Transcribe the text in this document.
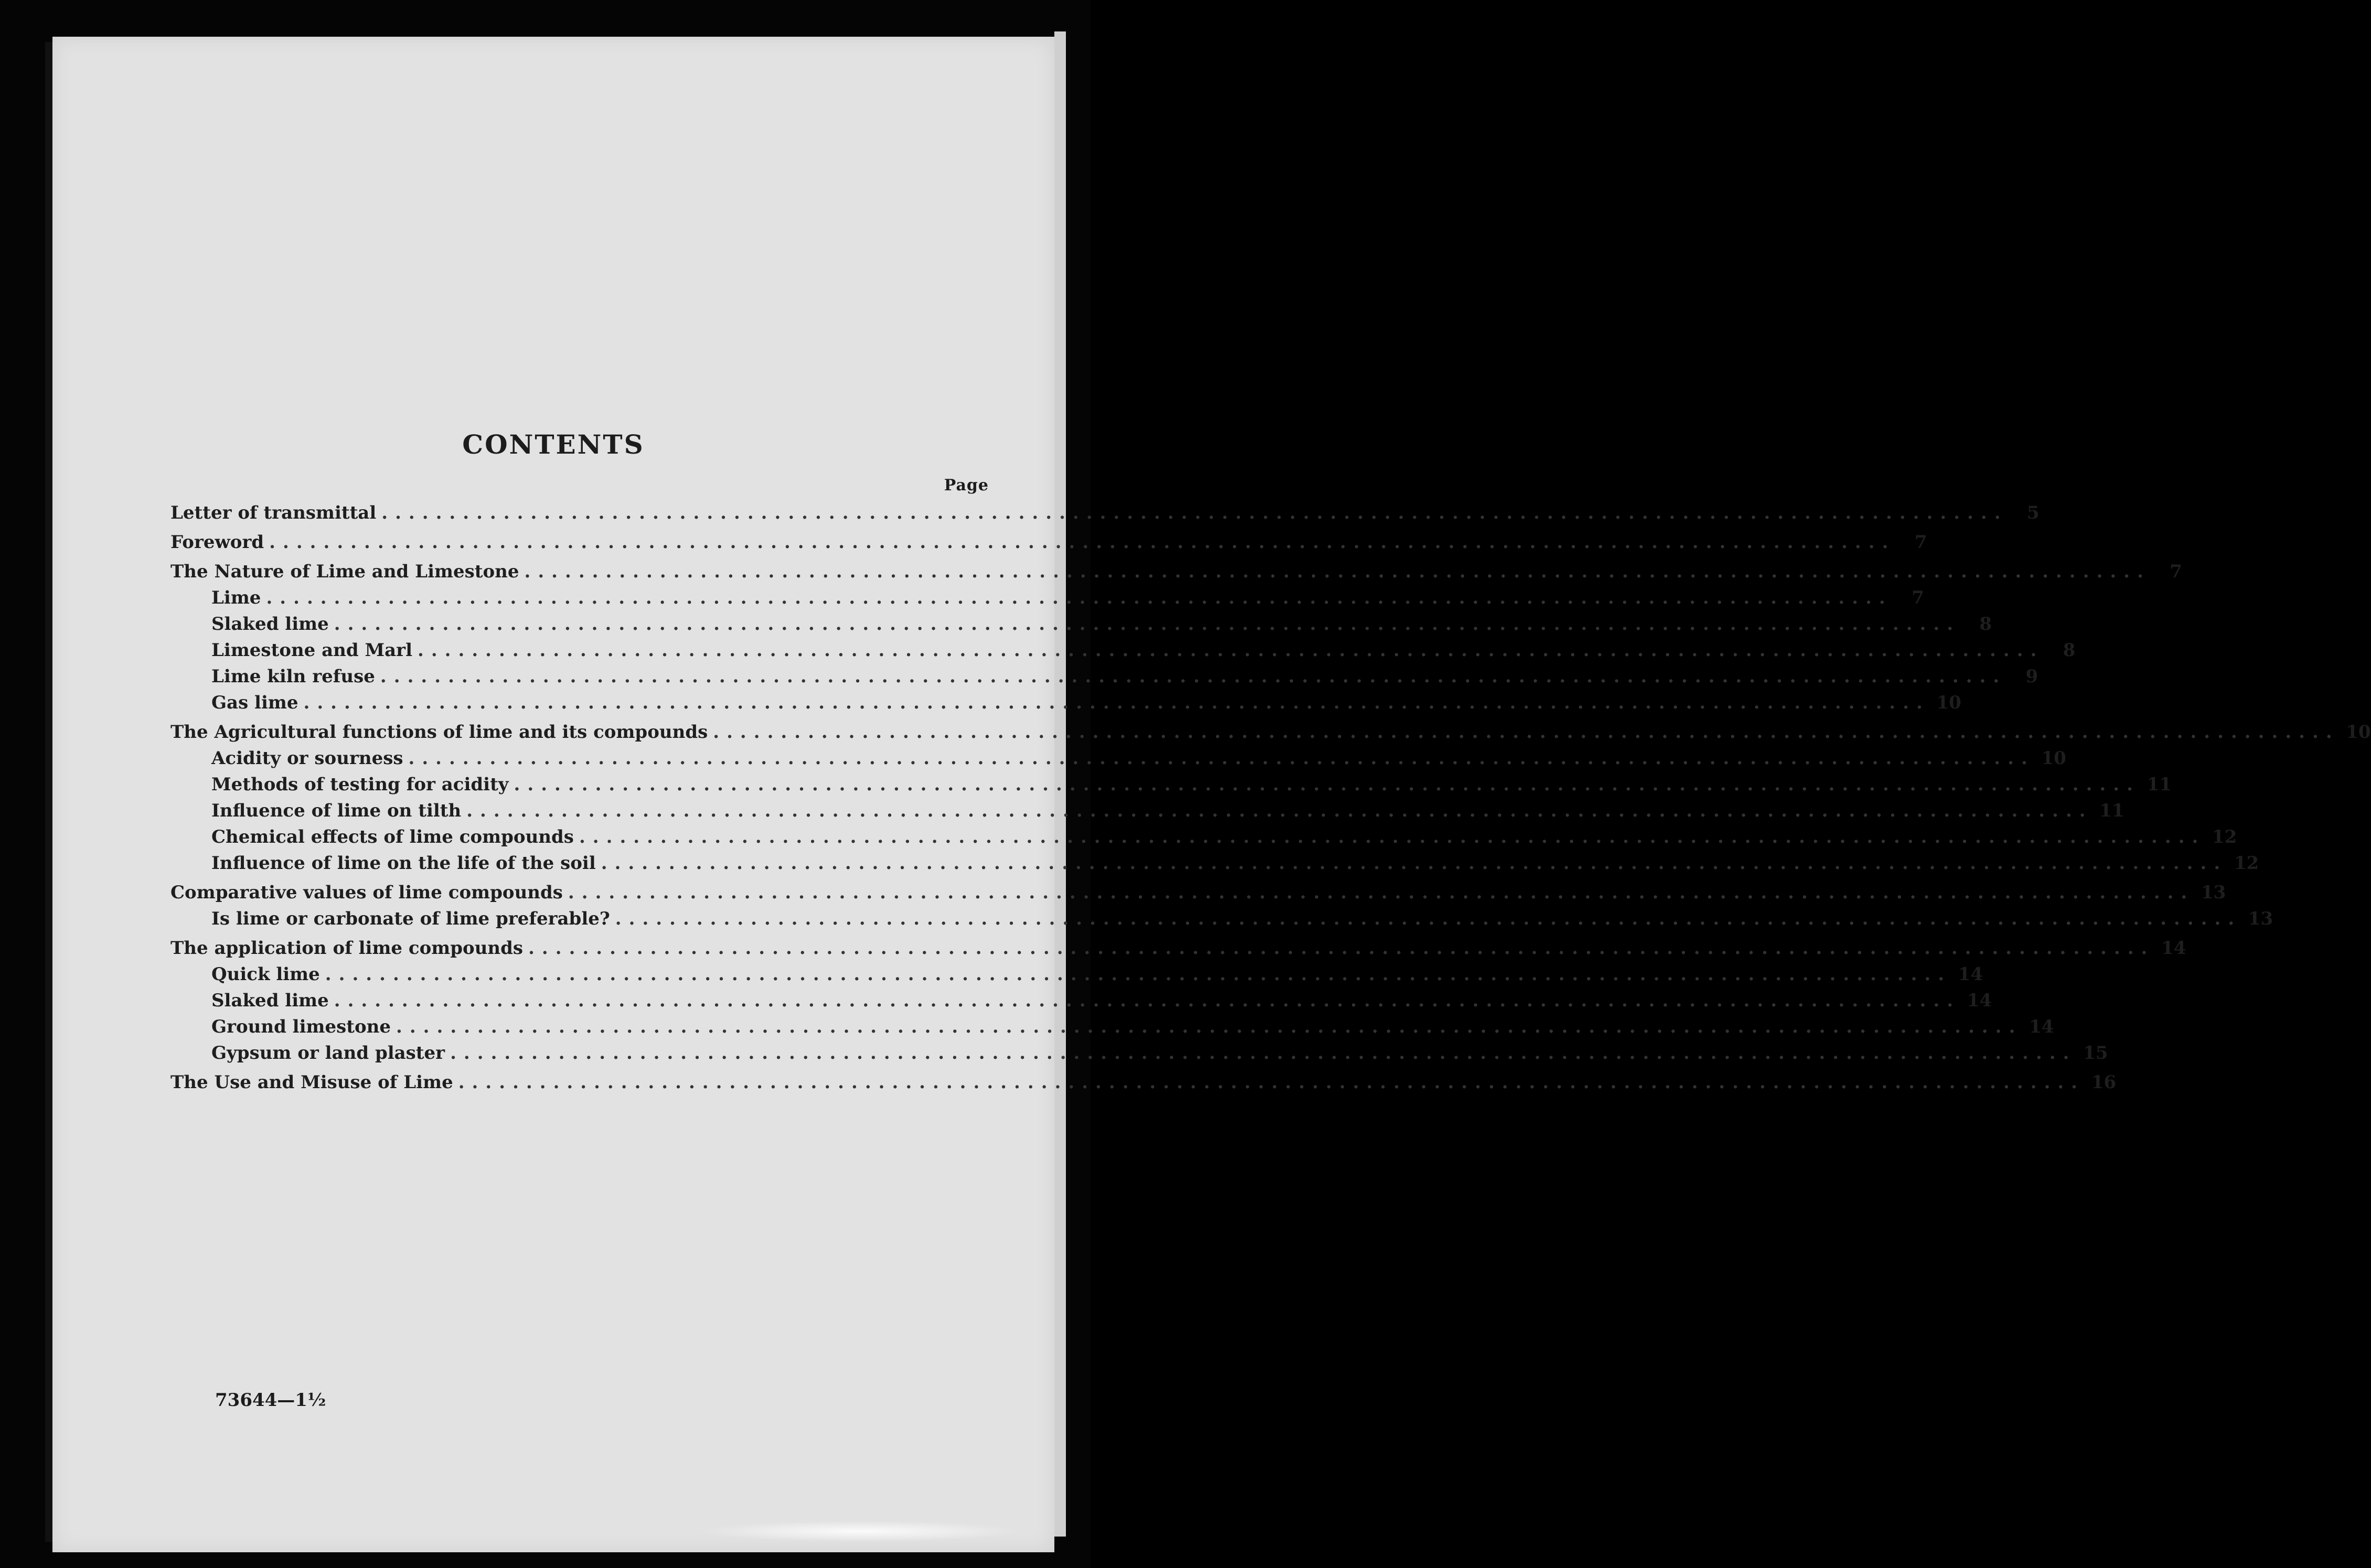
CONTENTS
Page
Letter of transmittal ........................................................................................................................	5
Foreword ........................................................................................................................	7
The Nature of Lime and Limestone ........................................................................................................................	7
Lime ........................................................................................................................	7
Slaked lime ........................................................................................................................	8
Limestone and Marl ........................................................................................................................	8
Lime kiln refuse ........................................................................................................................	9
Gas lime ........................................................................................................................ 10
The Agricultural functions of lime and its compounds ........................................................................................................................ 10
Acidity or sourness ........................................................................................................................ 10
Methods of testing for acidity ........................................................................................................................ 11
Influence of lime on tilth ........................................................................................................................ 11
Chemical effects of lime compounds ........................................................................................................................ 12
Influence of lime on the life of the soil ........................................................................................................................ 12
Comparative values of lime compounds ........................................................................................................................ 13
Is lime or carbonate of lime preferable? ........................................................................................................................ 13
The application of lime compounds ........................................................................................................................ 14
Quick lime ........................................................................................................................ 14
Slaked lime ........................................................................................................................ 14
Ground limestone ........................................................................................................................ 14
Gypsum or land plaster ........................................................................................................................ 15
The Use and Misuse of Lime ........................................................................................................................ 16
73644—1½
